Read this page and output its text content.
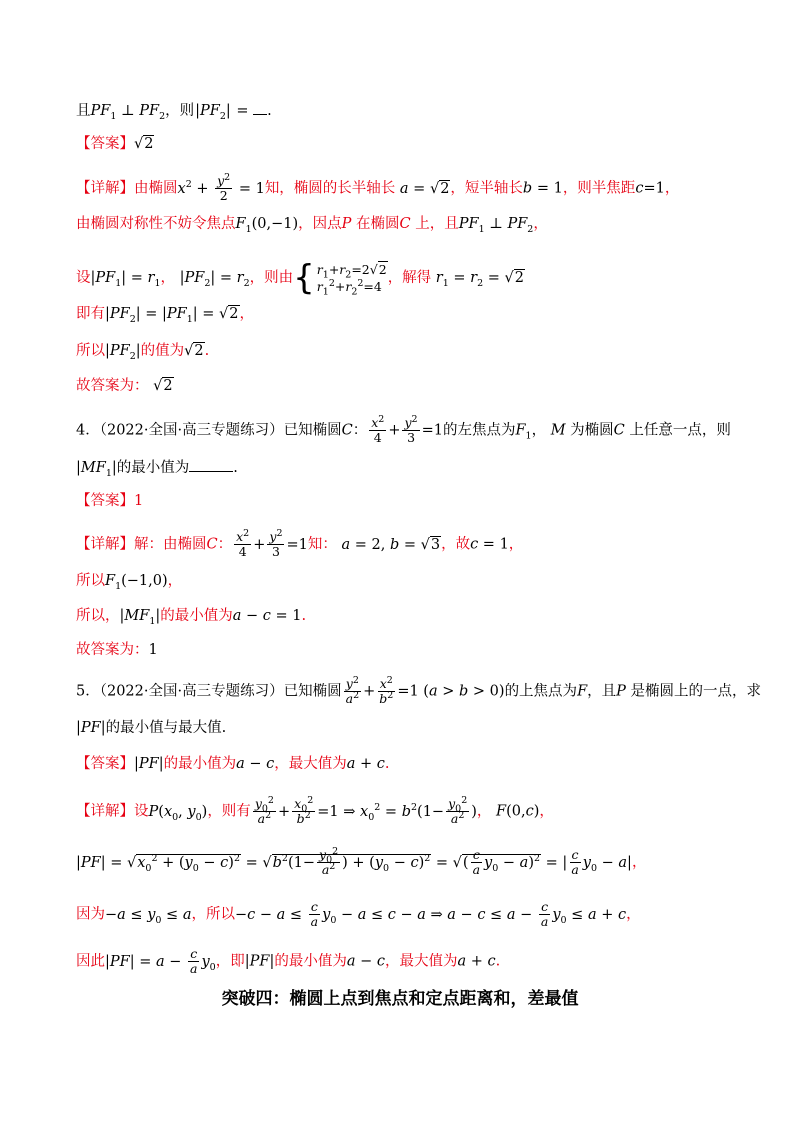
且$PF_1$ ⊥ $PF_2$，则$|PF_2|$ = .
【答案】√2
【详解】由椭圆$x^2 + \frac{y^2}{2} = 1$知，椭圆的长半轴长 a = √2，短半轴长b = 1，则半焦距c=1，
由椭圆对称性不妨令焦点$F_1(0,-1)$，因点P 在椭圆C 上，且$PF_1$ ⊥ $PF_2$，
设$|PF_1| = r_1$， $|PF_2| = r_2$，则由 { $r_1+r_2=2√2$
$r_1^2+r_2^2=4$
，解得 $r_1 = r_2 = √2$
即有$|PF_2| = |PF_1| = √2$，
所以$|PF_2|$的值为√2.
故答案为： √2
4．（2022·全国·高三专题练习）已知椭圆C： $\frac{x^2}{4} + \frac{y^2}{3} =1$的左焦点为$F_1$， M 为椭圆C 上任意一点，则
$|MF_1|$的最小值为	.
【答案】1
【详解】解：由椭圆C： $\frac{x^2}{4} + \frac{y^2}{3} =1$知： a = 2, b = √3，故c = 1，
所以$F_1(-1,0)$，
所以，$|MF_1|$的最小值为a − c = 1.
故答案为：1
5．（2022·全国·高三专题练习）已知椭圆 $\frac{y^2}{a^2} + \frac{x^2}{b^2} =1$ (a > b > 0)的上焦点为F，且P 是椭圆上的一点，求
|PF|的最小值与最大值.
【答案】|PF|的最小值为a − c，最大值为a + c.
【详解】设$P(x_0$, $y_0$)，则有 $\frac{y_0^2}{a^2} + \frac{x_0^2}{b^2} =1$ ⇒ $x_0^2 = b^2(1- \frac{y_0^2}{a^2}$ )， F(0,c)，
$|PF| = √x_0^2 + (y_0 - c)^2 = √b^2(1- \frac{y_0^2}{a^2}$ ) + $(y_0 - c)^2$ = √( $\frac{c}{a} y_0 - a)^2$ = | $\frac{c}{a} y_0 - a|$，
因为$-a \le y_0 \le a$，所以$-c - a \le \frac{c}{a} y_0 - a \le c - a$ ⇒ $a - c \le a - \frac{c}{a} y_0 \le a + c$，
因此$|PF| = a - \frac{c}{a} y_0$，即|PF|的最小值为a − c，最大值为a + c.
突破四：椭圆上点到焦点和定点距离和，差最值
